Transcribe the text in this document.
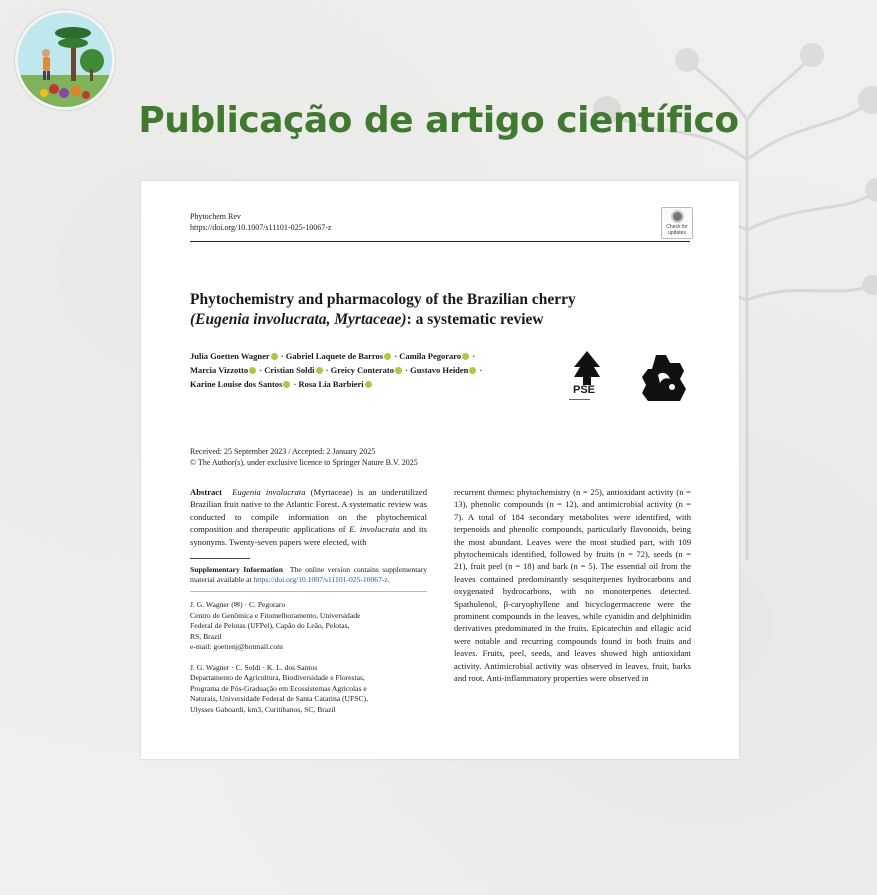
Publicação de artigo científico
Phytochem Rev
https://doi.org/10.1007/s11101-025-10067-z	Check for updates
Phytochemistry and pharmacology of the Brazilian cherry
(Eugenia involucrata, Myrtaceae): a systematic review
Julia Goetten Wagner · Gabriel Laquete de Barros · Camila Pegoraro ·
Marcia Vizzotto · Cristian Soldi · Greicy Conterato · Gustavo Heiden ·
Karine Louise dos Santos · Rosa Lía Barbieri	PSE
▬▬▬▬▬▬▬
Received: 25 September 2023 / Accepted: 2 January 2025
© The Author(s), under exclusive licence to Springer Nature B.V. 2025

Abstract Eugenia involucrata (Myrtaceae) is an underutilized Brazilian fruit native to the Atlantic Forest. A systematic review was conducted to compile information on the phytochemical composition and therapeutic applications of E. involucrata and its synonyms. Twenty-seven papers were elected, with

Supplementary Information The online version contains supplementary material available at https://doi.org/10.1007/s11101-025-10067-z.

J. G. Wagner (✉) · C. Pegoraro
Centro de Genômica e Fitomelhoramento, Universidade
Federal de Pelotas (UFPel), Capão do Leão, Pelotas,
RS, Brazil
e-mail: goettenj@hotmail.com

J. G. Wagner · C. Soldi · K. L. dos Santos
Departamento de Agricultura, Biodiversidade e Florestas,
Programa de Pós-Graduação em Ecossistemas Agrícolas e
Naturais, Universidade Federal de Santa Catarina (UFSC),
Ulysses Gaboardi, km3, Curitibanos, SC, Brazil

recurrent themes: phytochemistry (n = 25), antioxidant activity (n = 13), phenolic compounds (n = 12), and antimicrobial activity (n = 7). A total of 184 secondary metabolites were identified, with terpenoids and phenolic compounds, particularly flavonoids, being the most abundant. Leaves were the most studied part, with 109 phytochemicals identified, followed by fruits (n = 72), seeds (n = 21), fruit peel (n = 18) and bark (n = 5). The essential oil from the leaves contained predominantly sesquiterpenes hydrocarbons and oxygenated hydrocarbons, with no monoterpenes detected. Spathulenol, β-caryophyllene and bicyclogermacrene were the prominent compounds in the leaves, while cyanidin and delphinidin derivatives predominated in the fruits. Epicatechin and ellagic acid were notable and recurring compounds found in both fruits and leaves. Fruits, peel, seeds, and leaves showed high antioxidant activity. Antimicrobial activity was observed in leaves, fruit, barks and root. Anti-inflammatory properties were observed in
